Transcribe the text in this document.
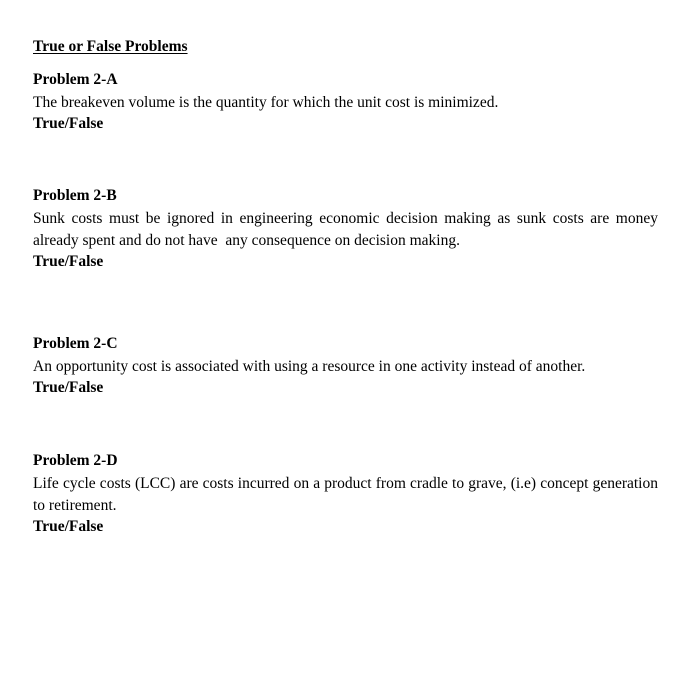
True or False Problems
Problem 2-A
The breakeven volume is the quantity for which the unit cost is minimized.
True/False
Problem 2-B
Sunk costs must be ignored in engineering economic decision making as sunk costs are money already spent and do not have  any consequence on decision making.
True/False
Problem 2-C
An opportunity cost is associated with using a resource in one activity instead of another.
True/False
Problem 2-D
Life cycle costs (LCC) are costs incurred on a product from cradle to grave, (i.e) concept generation to retirement.
True/False
